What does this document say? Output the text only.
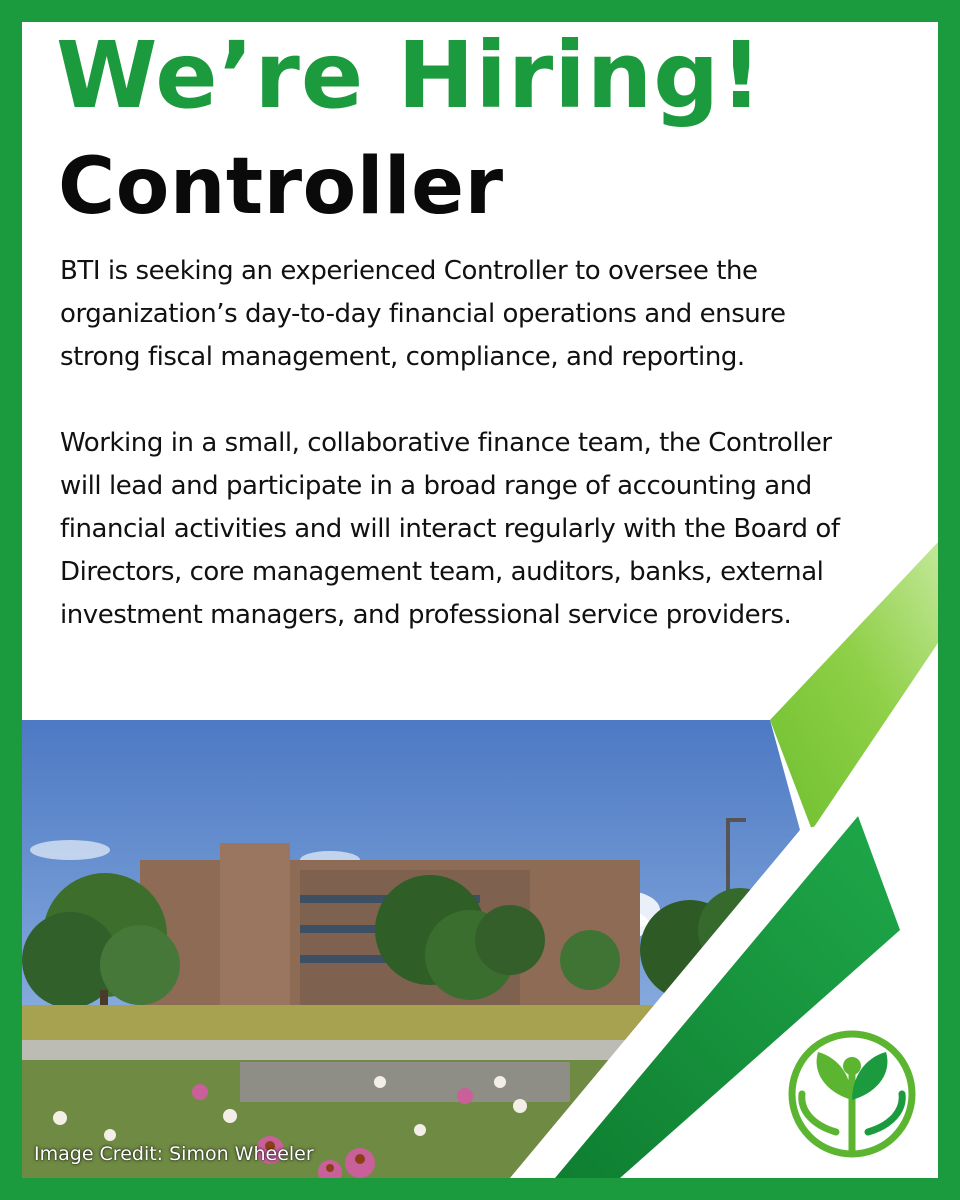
We’re Hiring!
Controller

BTI is seeking an experienced Controller to oversee the organization’s day-to-day financial operations and ensure strong fiscal management, compliance, and reporting.

Working in a small, collaborative finance team, the Controller will lead and participate in a broad range of accounting and financial activities and will interact regularly with the Board of Directors, core management team, auditors, banks, external investment managers, and professional service providers.

Image Credit: Simon Wheeler
